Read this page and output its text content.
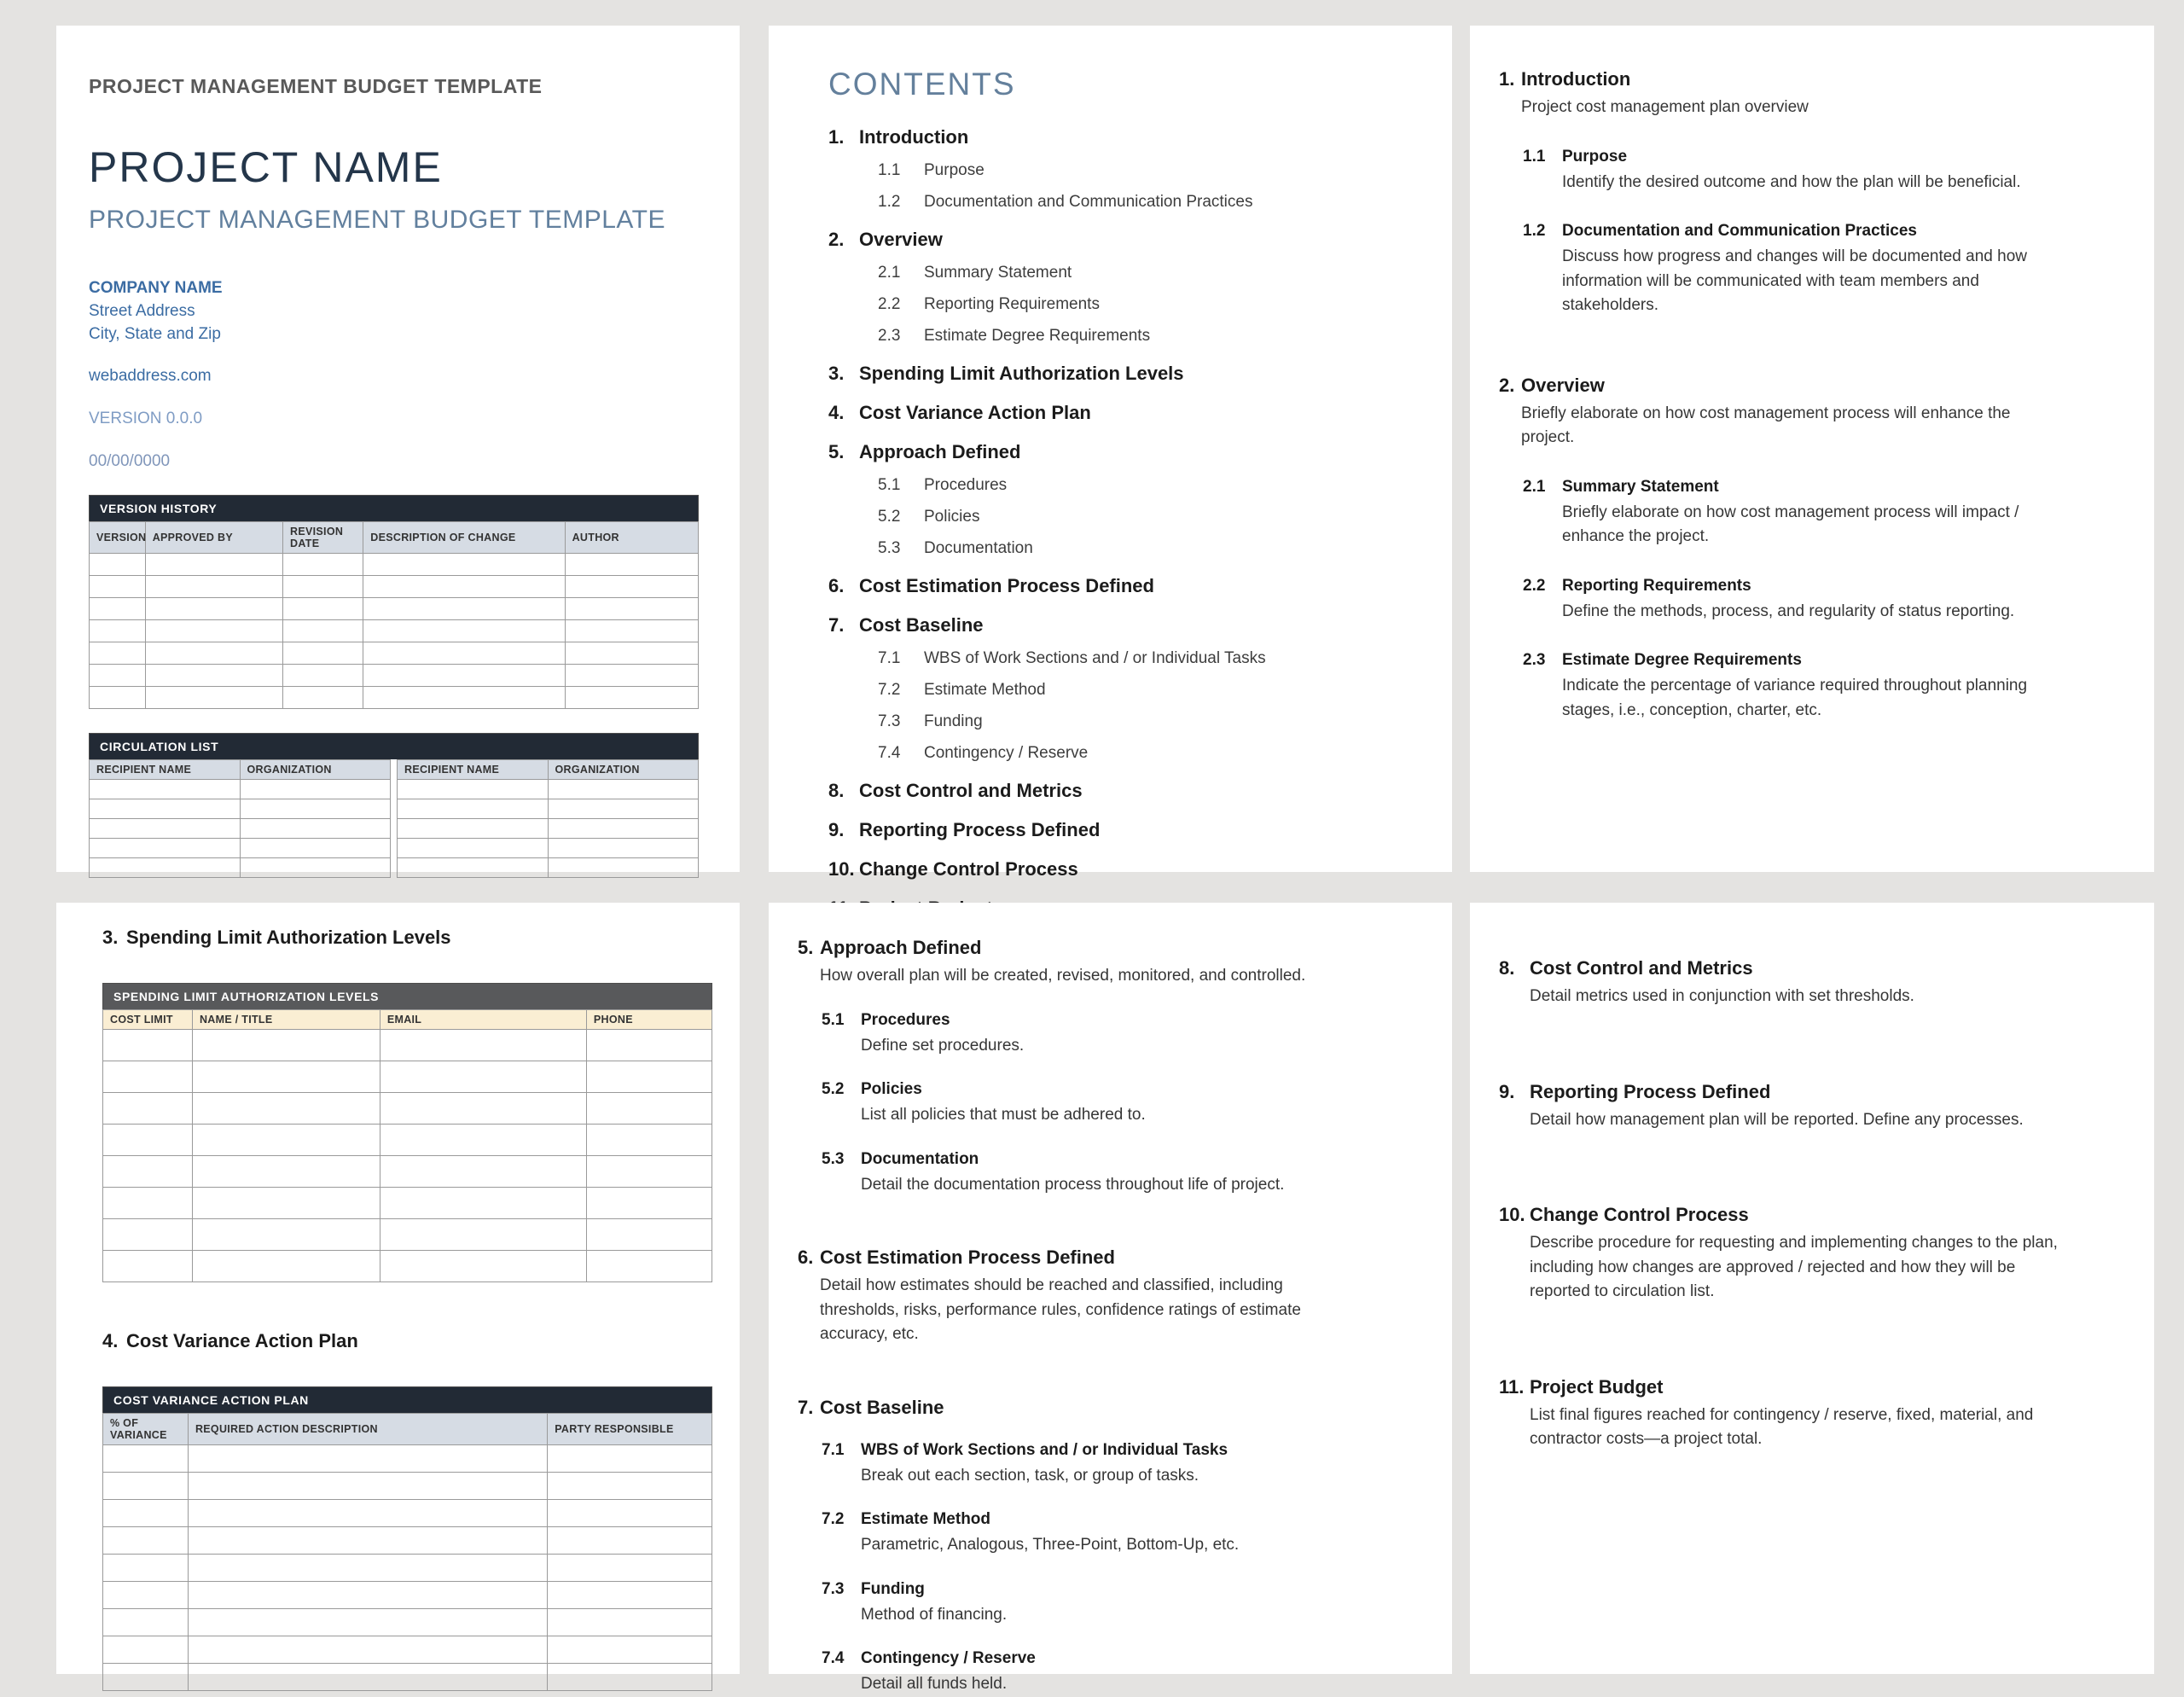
PROJECT MANAGEMENT BUDGET TEMPLATE
PROJECT NAME
PROJECT MANAGEMENT BUDGET TEMPLATE
COMPANY NAME
Street Address
City, State and Zip
webaddress.com
VERSION 0.0.0
00/00/0000
VERSION HISTORY
VERSION	APPROVED BY	REVISION DATE	DESCRIPTION OF CHANGE	AUTHOR

CIRCULATION LIST
RECIPIENT NAME	ORGANIZATION

		RECIPIENT NAME	ORGANIZATION

CONTENTS
1. Introduction
1.1	Purpose
1.2	Documentation and Communication Practices
2. Overview
2.1	Summary Statement
2.2	Reporting Requirements
2.3	Estimate Degree Requirements
3. Spending Limit Authorization Levels
4. Cost Variance Action Plan
5. Approach Defined
5.1	Procedures
5.2	Policies
5.3	Documentation
6. Cost Estimation Process Defined
7. Cost Baseline
7.1	WBS of Work Sections and / or Individual Tasks
7.2	Estimate Method
7.3	Funding
7.4	Contingency / Reserve
8. Cost Control and Metrics
9. Reporting Process Defined
10. Change Control Process
1. Introduction
Project cost management plan overview
1.1	Purpose
Identify the desired outcome and how the plan will be beneficial.
1.2	Documentation and Communication Practices
Discuss how progress and changes will be documented and how information will be communicated with team members and stakeholders.
2. Overview
Briefly elaborate on how cost management process will enhance the project.
2.1	Summary Statement
Briefly elaborate on how cost management process will impact / enhance the project.
2.2	Reporting Requirements
Define the methods, process, and regularity of status reporting.
2.3	Estimate Degree Requirements
Indicate the percentage of variance required throughout planning stages, i.e., conception, charter, etc.
3. Spending Limit Authorization Levels
SPENDING LIMIT AUTHORIZATION LEVELS
COST LIMIT	NAME / TITLE	EMAIL	PHONE

4. Cost Variance Action Plan
COST VARIANCE ACTION PLAN
% OF VARIANCE	REQUIRED ACTION DESCRIPTION	PARTY RESPONSIBLE

5. Approach Defined
How overall plan will be created, revised, monitored, and controlled.
5.1	Procedures
Define set procedures.
5.2	Policies
List all policies that must be adhered to.
5.3	Documentation
Detail the documentation process throughout life of project.
6. Cost Estimation Process Defined
Detail how estimates should be reached and classified, including thresholds, risks, performance rules, confidence ratings of estimate accuracy, etc.
7. Cost Baseline
7.1	WBS of Work Sections and / or Individual Tasks
Break out each section, task, or group of tasks.
7.2	Estimate Method
Parametric, Analogous, Three-Point, Bottom-Up, etc.
7.3	Funding
Method of financing.
7.4	Contingency / Reserve
Detail all funds held.
8. Cost Control and Metrics
Detail metrics used in conjunction with set thresholds.
9. Reporting Process Defined
Detail how management plan will be reported. Define any processes.
10. Change Control Process
Describe procedure for requesting and implementing changes to the plan, including how changes are approved / rejected and how they will be reported to circulation list.
11. Project Budget
List final figures reached for contingency / reserve, fixed, material, and contractor costs—a project total.
